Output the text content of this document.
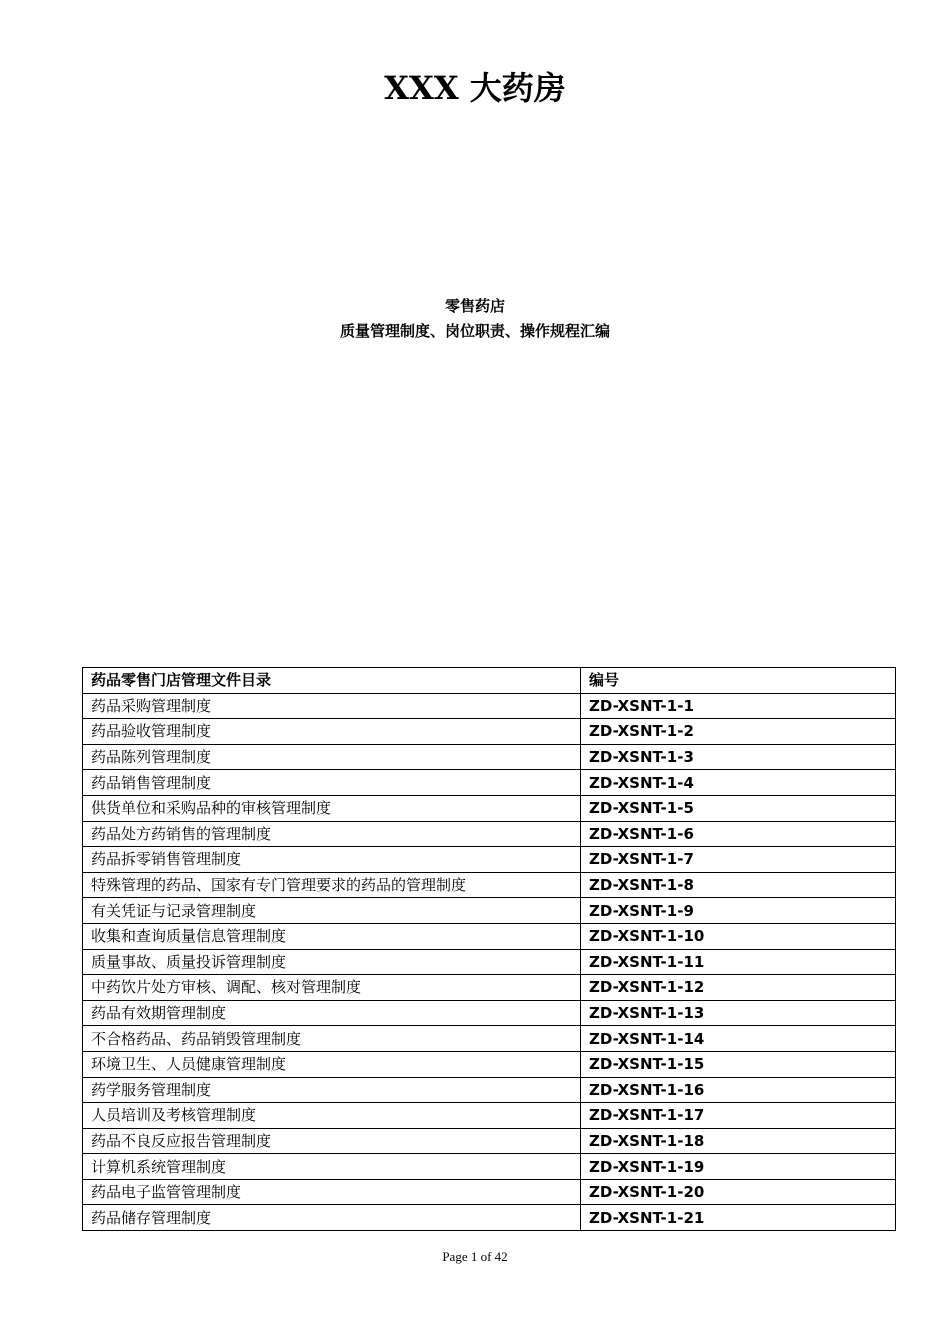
XXX 大药房

零售药店

质量管理制度、岗位职责、操作规程汇编

药品零售门店管理文件目录	编号
药品采购管理制度	ZD-XSNT-1-1
药品验收管理制度	ZD-XSNT-1-2
药品陈列管理制度	ZD-XSNT-1-3
药品销售管理制度	ZD-XSNT-1-4
供货单位和采购品种的审核管理制度	ZD-XSNT-1-5
药品处方药销售的管理制度	ZD-XSNT-1-6
药品拆零销售管理制度	ZD-XSNT-1-7
特殊管理的药品、国家有专门管理要求的药品的管理制度	ZD-XSNT-1-8
有关凭证与记录管理制度	ZD-XSNT-1-9
收集和查询质量信息管理制度	ZD-XSNT-1-10
质量事故、质量投诉管理制度	ZD-XSNT-1-11
中药饮片处方审核、调配、核对管理制度	ZD-XSNT-1-12
药品有效期管理制度	ZD-XSNT-1-13
不合格药品、药品销毁管理制度	ZD-XSNT-1-14
环境卫生、人员健康管理制度	ZD-XSNT-1-15
药学服务管理制度	ZD-XSNT-1-16
人员培训及考核管理制度	ZD-XSNT-1-17
药品不良反应报告管理制度	ZD-XSNT-1-18
计算机系统管理制度	ZD-XSNT-1-19
药品电子监管管理制度	ZD-XSNT-1-20
药品储存管理制度	ZD-XSNT-1-21
Page 1 of 42
